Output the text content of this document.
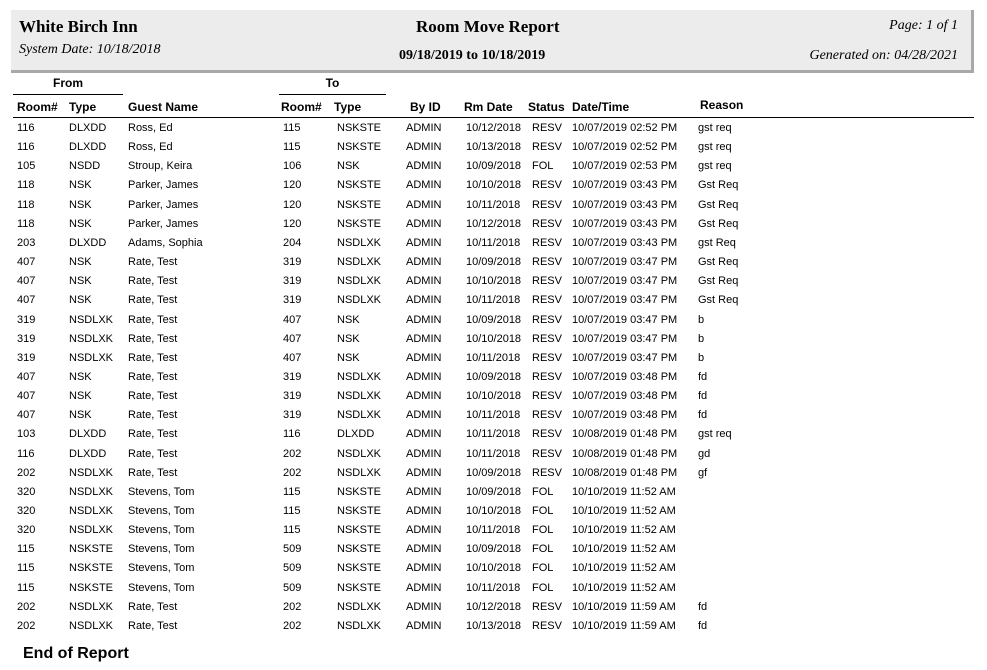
White Birch Inn
System Date: 10/18/2018
Room Move Report
09/18/2019 to 10/18/2019
Page: 1 of 1
Generated on: 04/28/2021
From	To
Room# Type	Guest Name	Room# Type	By ID Rm Date Status Date/Time	Reason
116	DLXDD Ross, Ed	115	NSKSTE ADMIN 10/12/2018 RESV 10/07/2019 02:52 PM gst req
116	DLXDD Ross, Ed	115	NSKSTE ADMIN 10/13/2018 RESV 10/07/2019 02:52 PM gst req
105	NSDD	Stroup, Keira	106	NSK	ADMIN 10/09/2018 FOL 10/07/2019 02:53 PM gst req
118	NSK	Parker, James	120	NSKSTE ADMIN 10/10/2018 RESV 10/07/2019 03:43 PM Gst Req
118	NSK	Parker, James	120	NSKSTE ADMIN 10/11/2018 RESV 10/07/2019 03:43 PM Gst Req
118	NSK	Parker, James	120	NSKSTE ADMIN 10/12/2018 RESV 10/07/2019 03:43 PM Gst Req
203	DLXDD Adams, Sophia	204	NSDLXK ADMIN 10/11/2018 RESV 10/07/2019 03:43 PM gst Req
407	NSK	Rate, Test	319	NSDLXK ADMIN 10/09/2018 RESV 10/07/2019 03:47 PM Gst Req
407	NSK	Rate, Test	319	NSDLXK ADMIN 10/10/2018 RESV 10/07/2019 03:47 PM Gst Req
407	NSK	Rate, Test	319	NSDLXK ADMIN 10/11/2018 RESV 10/07/2019 03:47 PM Gst Req
319	NSDLXK Rate, Test	407	NSK	ADMIN 10/09/2018 RESV 10/07/2019 03:47 PM b
319	NSDLXK Rate, Test	407	NSK	ADMIN 10/10/2018 RESV 10/07/2019 03:47 PM b
319	NSDLXK Rate, Test	407	NSK	ADMIN 10/11/2018 RESV 10/07/2019 03:47 PM b
407	NSK	Rate, Test	319	NSDLXK ADMIN 10/09/2018 RESV 10/07/2019 03:48 PM fd
407	NSK	Rate, Test	319	NSDLXK ADMIN 10/10/2018 RESV 10/07/2019 03:48 PM fd
407	NSK	Rate, Test	319	NSDLXK ADMIN 10/11/2018 RESV 10/07/2019 03:48 PM fd
103	DLXDD Rate, Test	116	DLXDD	ADMIN 10/11/2018 RESV 10/08/2019 01:48 PM gst req
116	DLXDD Rate, Test	202	NSDLXK ADMIN 10/11/2018 RESV 10/08/2019 01:48 PM gd
202	NSDLXK Rate, Test	202	NSDLXK ADMIN 10/09/2018 RESV 10/08/2019 01:48 PM gf
320	NSDLXK Stevens, Tom	115	NSKSTE ADMIN 10/09/2018 FOL 10/10/2019 11:52 AM
320	NSDLXK Stevens, Tom	115	NSKSTE ADMIN 10/10/2018 FOL 10/10/2019 11:52 AM
320	NSDLXK Stevens, Tom	115	NSKSTE ADMIN 10/11/2018 FOL 10/10/2019 11:52 AM
115	NSKSTE Stevens, Tom	509	NSKSTE ADMIN 10/09/2018 FOL 10/10/2019 11:52 AM
115	NSKSTE Stevens, Tom	509	NSKSTE ADMIN 10/10/2018 FOL 10/10/2019 11:52 AM
115	NSKSTE Stevens, Tom	509	NSKSTE ADMIN 10/11/2018 FOL 10/10/2019 11:52 AM
202	NSDLXK Rate, Test	202	NSDLXK ADMIN 10/12/2018 RESV 10/10/2019 11:59 AM fd
202	NSDLXK Rate, Test	202	NSDLXK ADMIN 10/13/2018 RESV 10/10/2019 11:59 AM fd
End of Report
